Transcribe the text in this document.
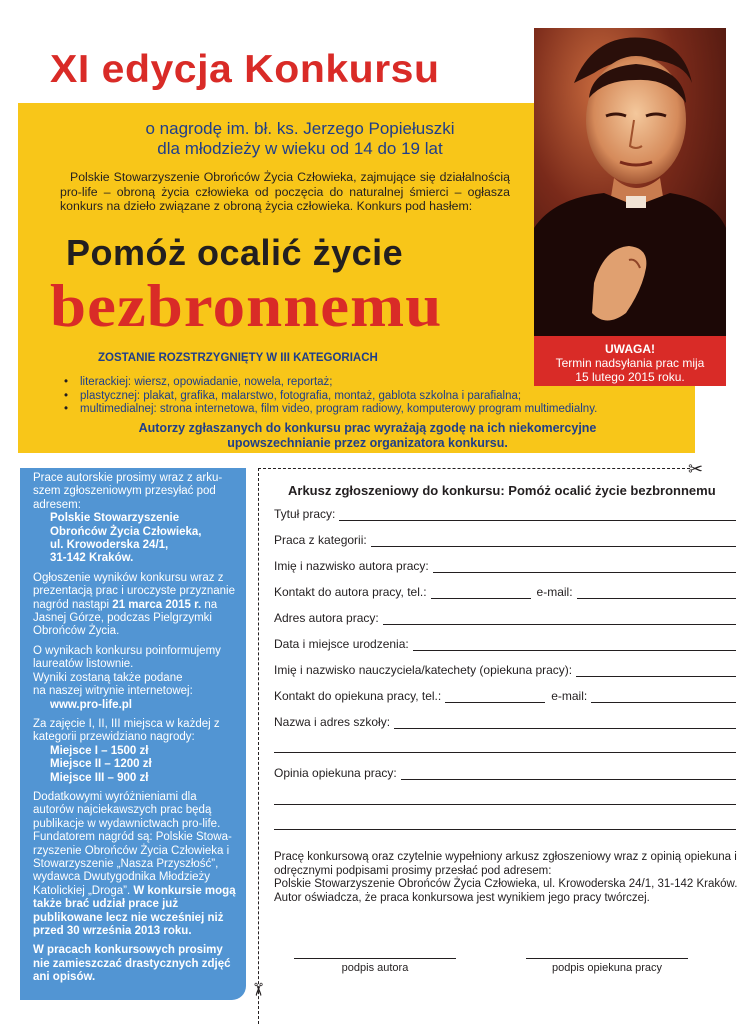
XI edycja Konkursu
o nagrodę im. bł. ks. Jerzego Popiełuszki
dla młodzieży w wieku od 14 do 19 lat
Polskie Stowarzyszenie Obrońców Życia Człowieka, zajmujące się działalnością pro-life – obroną życia człowieka od poczęcia do naturalnej śmierci – ogłasza konkurs na dzieło związane z obroną życia człowieka. Konkurs pod hasłem:
Pomóż ocalić życie
bezbronnemu
ZOSTANIE ROZSTRZYGNIĘTY W III KATEGORIACH
• literackiej: wiersz, opowiadanie, nowela, reportaż;
• plastycznej: plakat, grafika, malarstwo, fotografia, montaż, gablota szkolna i parafialna;
• multimedialnej: strona internetowa, film video, program radiowy, komputerowy program multimedialny.
Autorzy zgłaszanych do konkursu prac wyrażają zgodę na ich niekomercyjne
upowszechnianie przez organizatora konkursu.
UWAGA!
Termin nadsyłania prac mija
15 lutego 2015 roku.

Prace autorskie prosimy wraz z arkuszem zgłoszeniowym przesyłać pod adresem:
Polskie Stowarzyszenie
Obrońców Życia Człowieka,
ul. Krowoderska 24/1,
31-142 Kraków.

Ogłoszenie wyników konkursu wraz z prezentacją prac i uroczyste przyznanie nagród nastąpi 21 marca 2015 r. na Jasnej Górze, podczas Pielgrzymki Obrońców Życia.

O wynikach konkursu poinformujemy laureatów listownie.
Wyniki zostaną także podane
na naszej witrynie internetowej:
www.pro-life.pl

Za zajęcie I, II, III miejsca w każdej z kategorii przewidziano nagrody:
Miejsce I – 1500 zł
Miejsce II – 1200 zł
Miejsce III – 900 zł

Dodatkowymi wyróżnieniami dla autorów najciekawszych prac będą publikacje w wydawnictwach pro-life. Fundatorem nagród są: Polskie Stowarzyszenie Obrońców Życia Człowieka i Stowarzyszenie „Nasza Przyszłość”, wydawca Dwutygodnika Młodzieży Katolickiej „Droga”. W konkursie mogą także brać udział prace już publikowane lecz nie wcześniej niż przed 30 września 2013 roku.

W pracach konkursowych prosimy nie zamieszczać drastycznych zdjęć ani opisów.

✂
✂
Arkusz zgłoszeniowy do konkursu: Pomóż ocalić życie bezbronnemu
Tytuł pracy:
Praca z kategorii:
Imię i nazwisko autora pracy:
Kontakt do autora pracy, tel.:	e-mail:
Adres autora pracy:
Data i miejsce urodzenia:
Imię i nazwisko nauczyciela/katechety (opiekuna pracy):
Kontakt do opiekuna pracy, tel.:	e-mail:
Nazwa i adres szkoły:
Opinia opiekuna pracy:

Pracę konkursową oraz czytelnie wypełniony arkusz zgłoszeniowy wraz z opinią opiekuna i odręcznymi podpisami prosimy przesłać pod adresem:

Polskie Stowarzyszenie Obrońców Życia Człowieka, ul. Krowoderska 24/1, 31-142 Kraków.

Autor oświadcza, że praca konkursowa jest wynikiem jego pracy twórczej.

podpis autora	podpis opiekuna pracy
